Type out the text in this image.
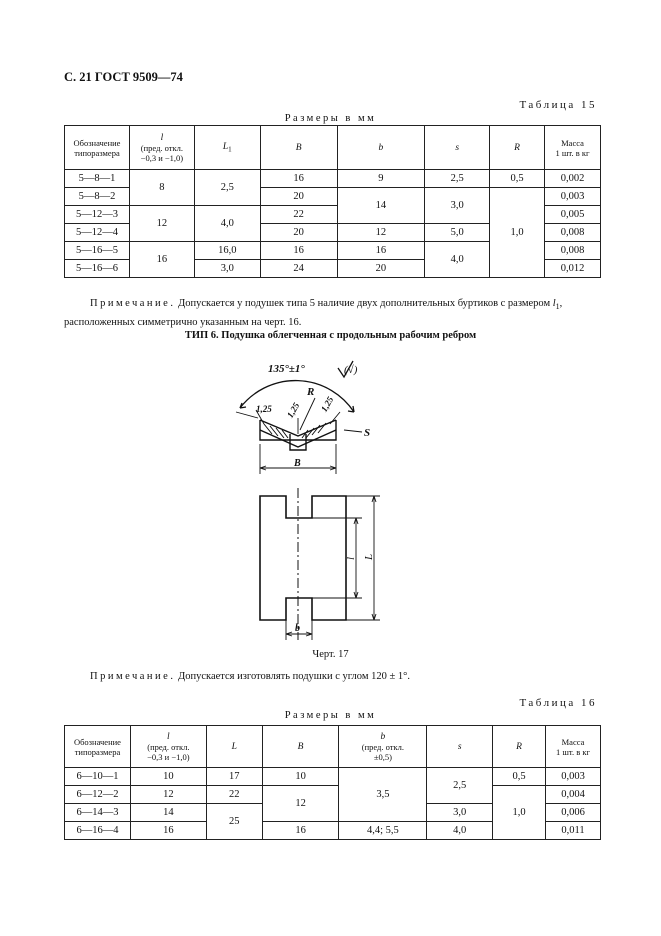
С. 21 ГОСТ 9509—74
Таблица 15
Размеры в мм
Обозначение
типоразмера	l
(пред. откл.
−0,3 и −1,0)	$L_1$	B	b	s	R	Масса
1 шт. в кг
5—8—1	8	2,5	16	9	2,5	0,5	0,002
5—8—2			20	14	3,0	1,0	0,003
5—12—3	12	4,0	22				0,005
5—12—4			20	12	5,0		0,008
5—16—5	16	16,0	16	16	4,0		0,008
5—16—6		3,0	24	20			0,012
Примечание. Допускается у подушек типа 5 наличие двух дополнительных буртиков с размером $l_1$,
расположенных симметрично указанным на черт. 16.
ТИП 6. Подушка облегченная с продольным рабочим ребром
135°±1°	(√)
R
1,25 1,25 1,25
S
B
l L
b
Черт. 17
Примечание. Допускается изготовлять подушки с углом 120 ± 1°.
Таблица 16
Размеры в мм
Обозначение
типоразмера	l
(пред. откл.
−0,3 и −1,0)	L	B	b
(пред. откл.
±0,5)	s	R	Масса
1 шт. в кг
6—10—1	10	17	10	3,5	2,5	0,5	0,003
6—12—2	12	22	12			1,0	0,004
6—14—3	14	25			3,0		0,006
6—16—4	16		16	4,4; 5,5	4,0		0,011
